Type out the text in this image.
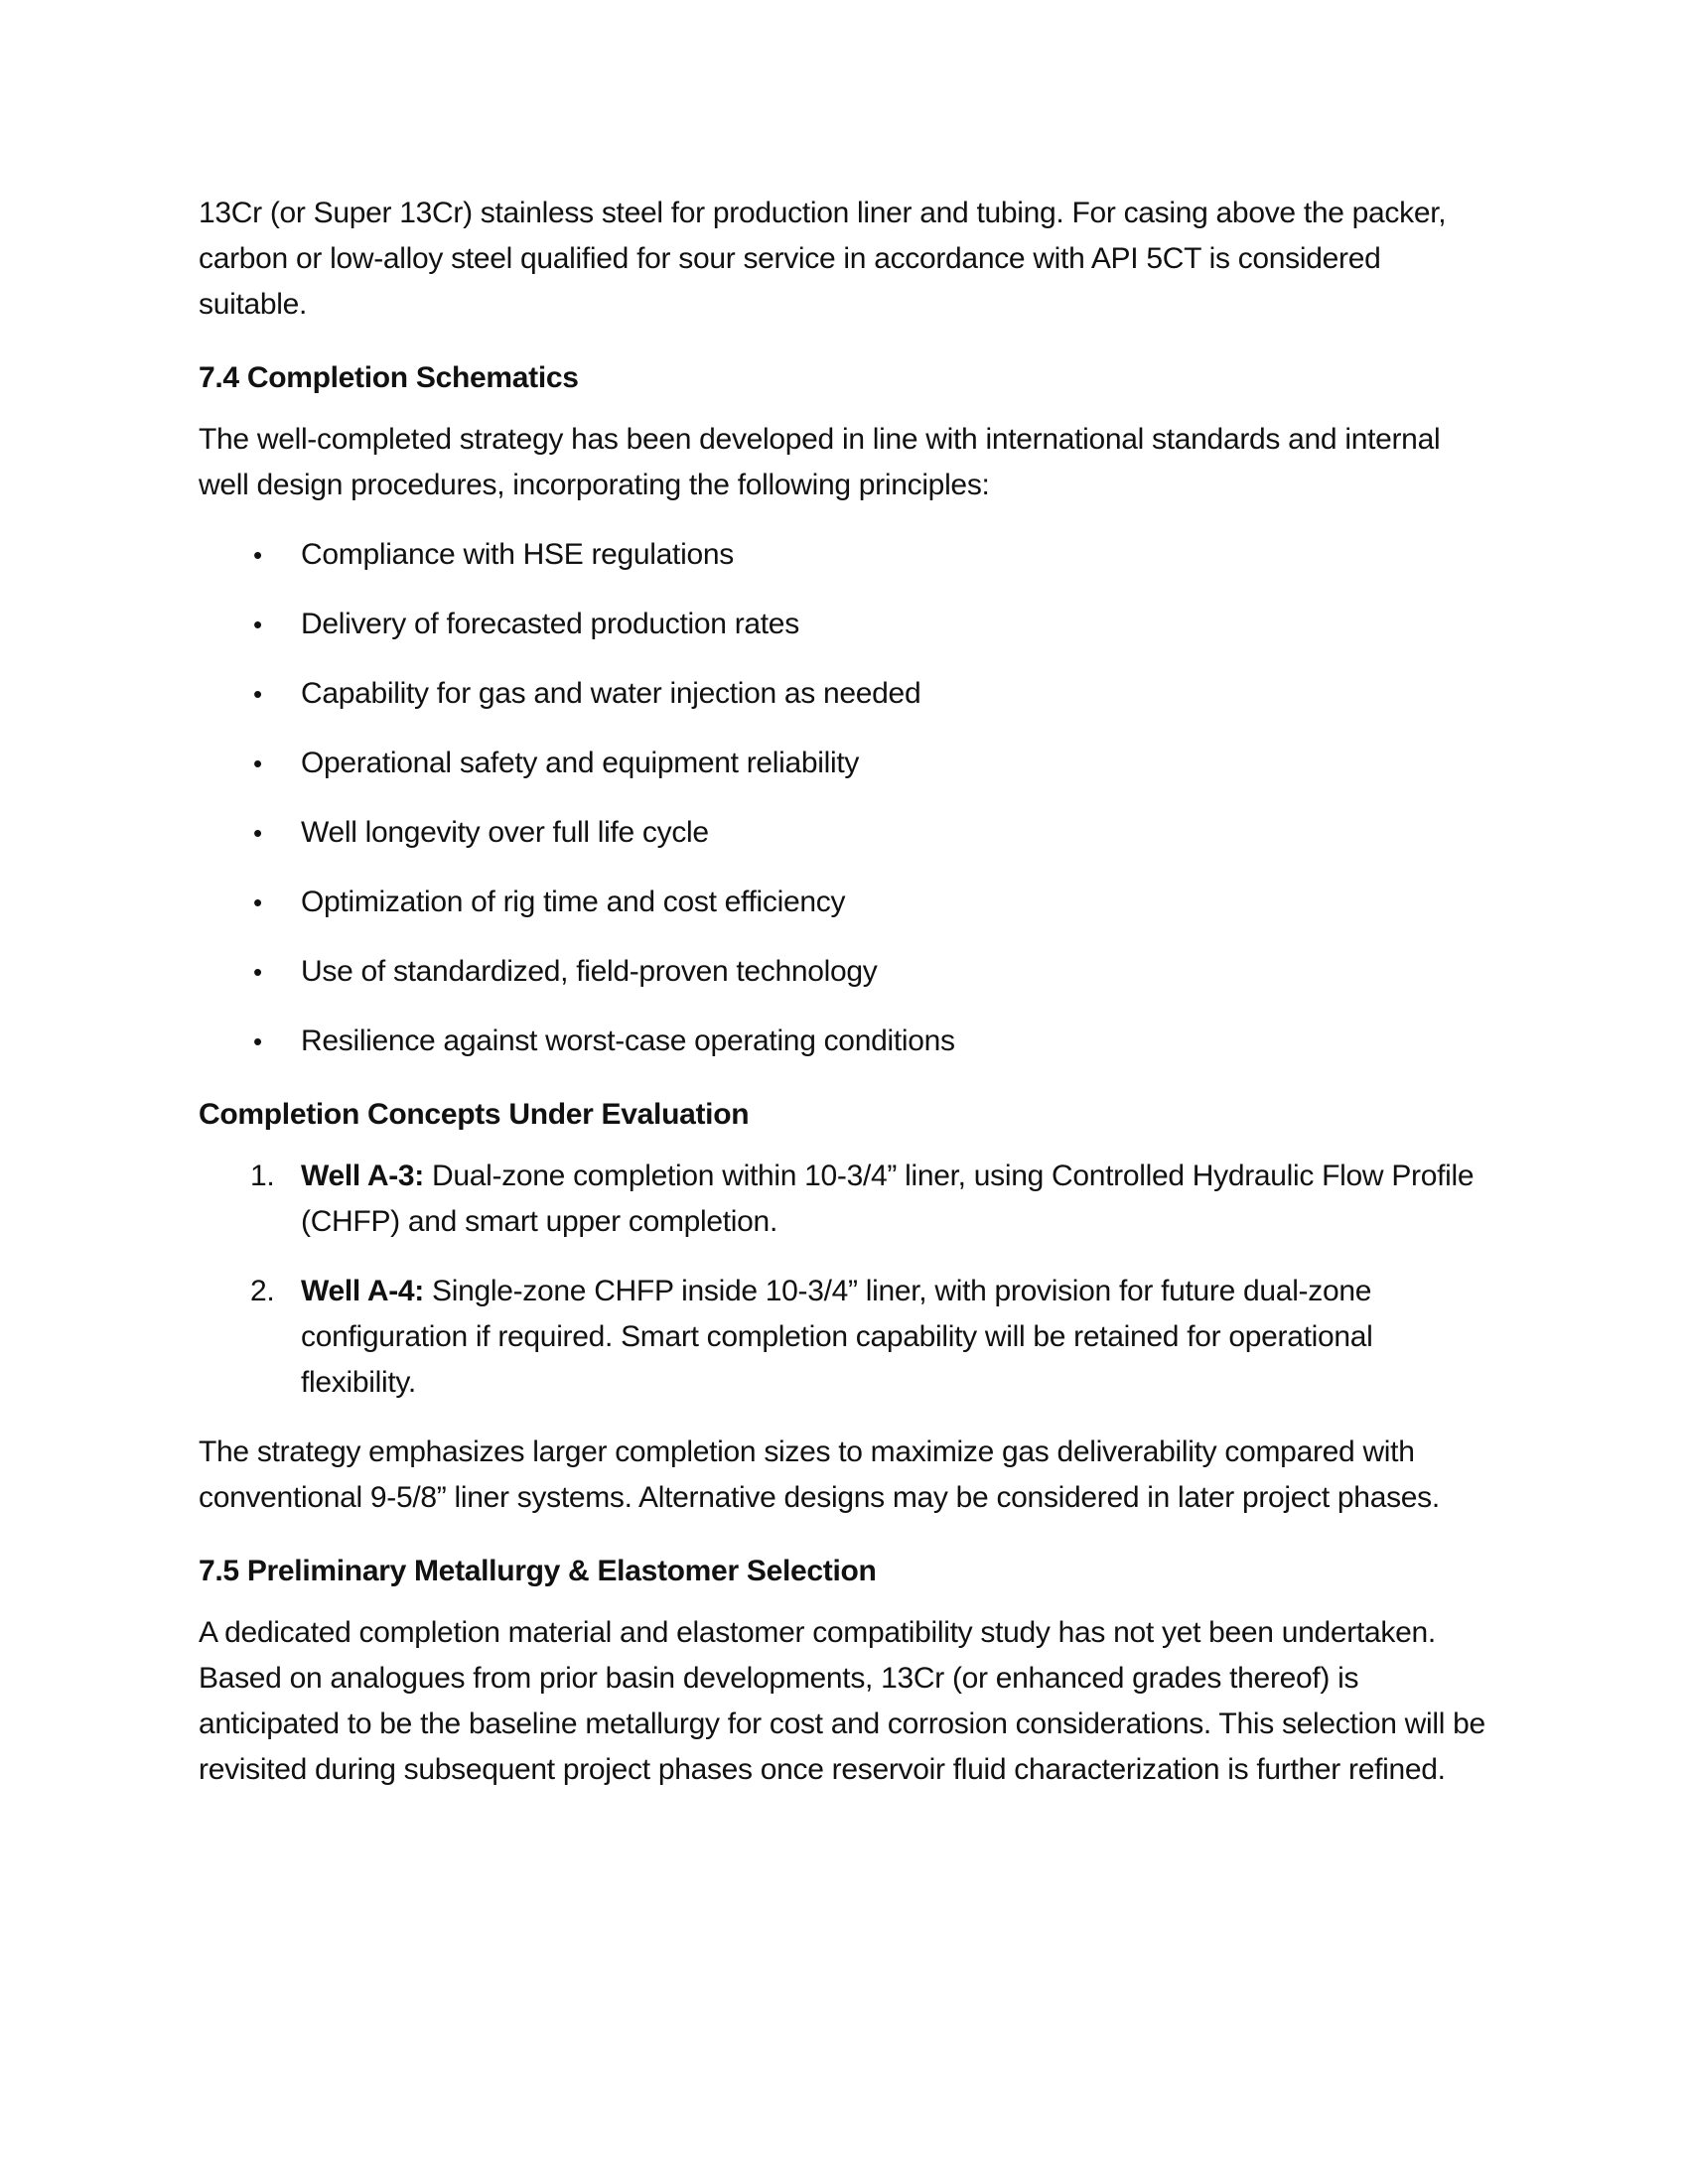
13Cr (or Super 13Cr) stainless steel for production liner and tubing. For casing above the packer, carbon or low-alloy steel qualified for sour service in accordance with API 5CT is considered suitable.

7.4 Completion Schematics

The well-completed strategy has been developed in line with international standards and internal well design procedures, incorporating the following principles:

• Compliance with HSE regulations
• Delivery of forecasted production rates
• Capability for gas and water injection as needed
• Operational safety and equipment reliability
• Well longevity over full life cycle
• Optimization of rig time and cost efficiency
• Use of standardized, field-proven technology
• Resilience against worst-case operating conditions
Completion Concepts Under Evaluation
1. Well A-3: Dual-zone completion within 10-3/4” liner, using Controlled Hydraulic Flow Profile (CHFP) and smart upper completion.
2. Well A-4: Single-zone CHFP inside 10-3/4” liner, with provision for future dual-zone configuration if required. Smart completion capability will be retained for operational flexibility.

The strategy emphasizes larger completion sizes to maximize gas deliverability compared with conventional 9-5/8” liner systems. Alternative designs may be considered in later project phases.

7.5 Preliminary Metallurgy & Elastomer Selection

A dedicated completion material and elastomer compatibility study has not yet been undertaken. Based on analogues from prior basin developments, 13Cr (or enhanced grades thereof) is anticipated to be the baseline metallurgy for cost and corrosion considerations. This selection will be revisited during subsequent project phases once reservoir fluid characterization is further refined.
